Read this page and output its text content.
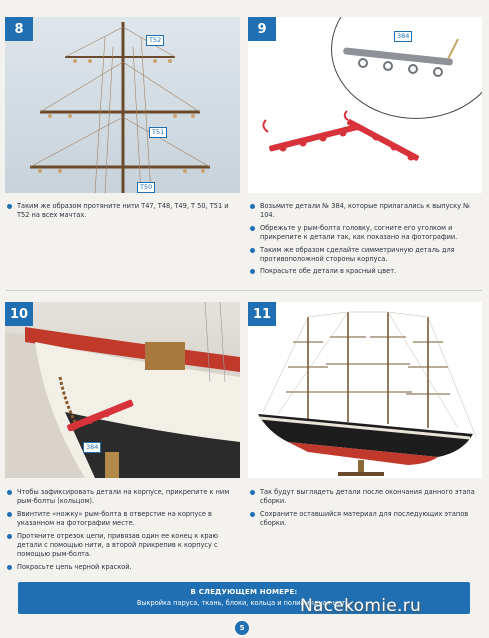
8
T52
T51
T50
Таким же образом протяните нити Т47, Т48, Т49, Т 50, Т51 и Т52 на всех мачтах.
9	384
Возьмите детали № 384, которые прилагались к выпуску № 104.
Обрежьте у рым-болта головку, согните его уголком и прикрепите к детали так, как показано на фотографии.
Таким же образом сделайте симметричную деталь для противоположной стороны корпуса.
Покрасьте обе детали в красный цвет.
10
384
Чтобы зафиксировать детали на корпусе, прикрепите к ним рым-болты (кольцом).
Ввинтите «ножку» рым-болта в отверстие на корпусе в указанном на фотографии месте.
Протяните отрезок цепи, привязав один ее конец к краю детали с помощью нити, а второй прикрепив к корпусу с помощью рым-болта.
Покрасьте цепь черной краской.
11
Так будут выглядеть детали после окончания данного этапа сборки.
Сохраните оставшийся материал для последующих этапов сборки.
В СЛЕДУЮЩЕМ НОМЕРЕ:
Выкройка паруса, ткань, блоки, кольца и полиамидная нить.
Nacekomie.ru
5
